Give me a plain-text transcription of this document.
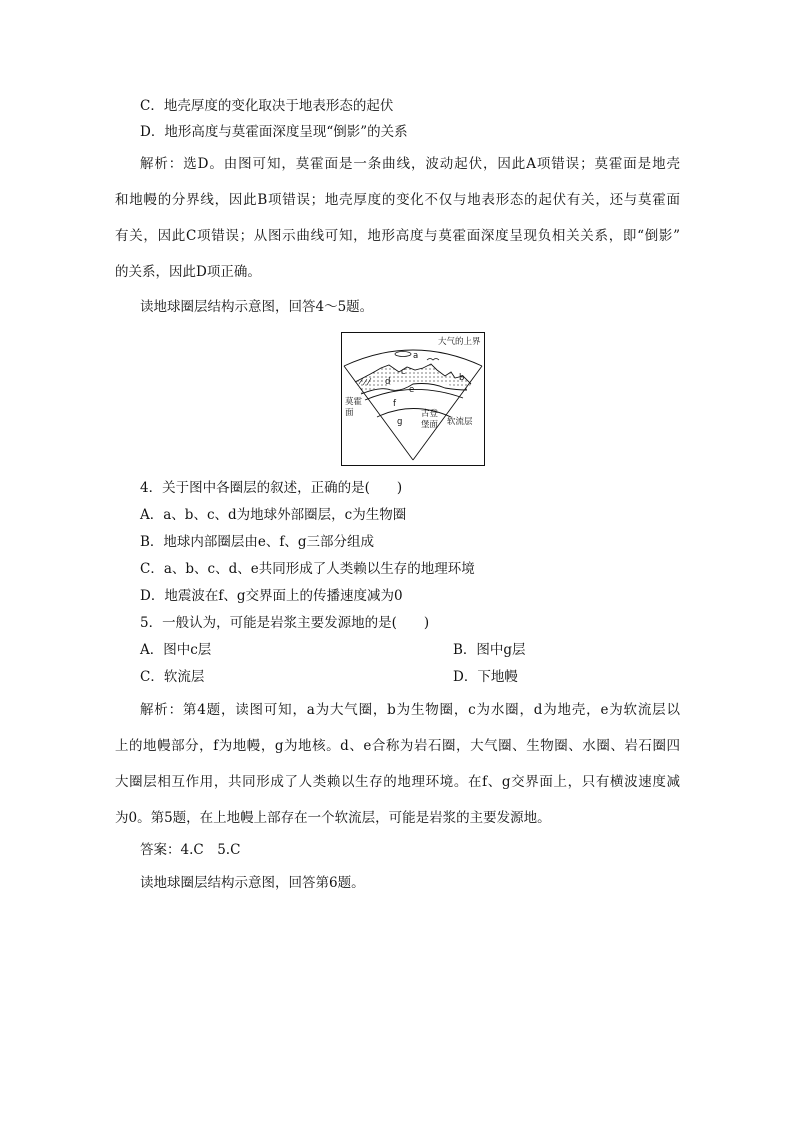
C．地壳厚度的变化取决于地表形态的起伏
D．地形高度与莫霍面深度呈现“倒影”的关系
解析：选D。由图可知，莫霍面是一条曲线，波动起伏，因此A项错误；莫霍面是地壳
和地幔的分界线，因此B项错误；地壳厚度的变化不仅与地表形态的起伏有关，还与莫霍面
有关，因此C项错误；从图示曲线可知，地形高度与莫霍面深度呈现负相关关系，即“倒影”
的关系，因此D项正确。
读地球圈层结构示意图，回答4～5题。
大气的上界
a
b
c
d
e
f
g
莫霍
面	古登
堡面 软流层
4．关于图中各圈层的叙述，正确的是(　　)
A．a、b、c、d为地球外部圈层，c为生物圈
B．地球内部圈层由e、f、g三部分组成
C．a、b、c、d、e共同形成了人类赖以生存的地理环境
D．地震波在f、g交界面上的传播速度减为0
5．一般认为，可能是岩浆主要发源地的是(　　)
A．图中c层	B．图中g层
C．软流层	D．下地幔
解析：第4题，读图可知，a为大气圈，b为生物圈，c为水圈，d为地壳，e为软流层以
上的地幔部分，f为地幔，g为地核。d、e合称为岩石圈，大气圈、生物圈、水圈、岩石圈四
大圈层相互作用，共同形成了人类赖以生存的地理环境。在f、g交界面上，只有横波速度减
为0。第5题，在上地幔上部存在一个软流层，可能是岩浆的主要发源地。
答案：4.C　5.C
读地球圈层结构示意图，回答第6题。
